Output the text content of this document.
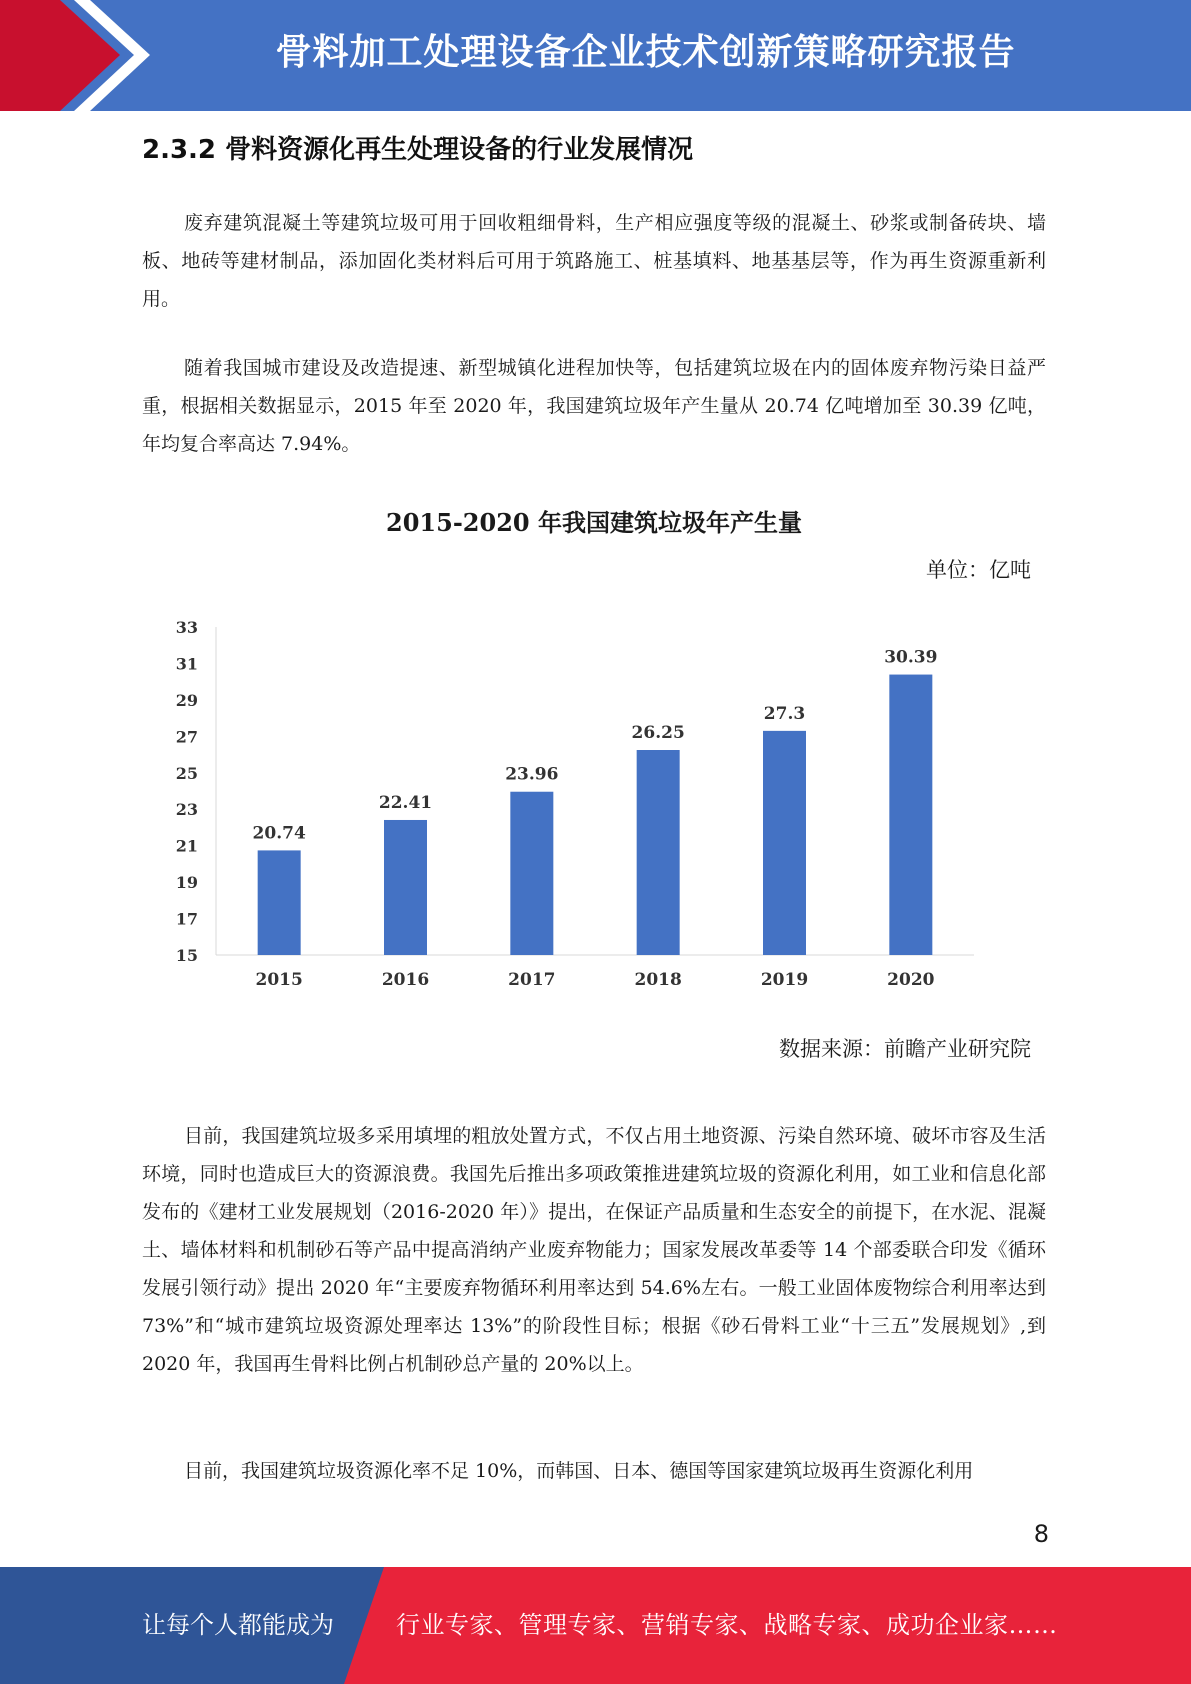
骨料加工处理设备企业技术创新策略研究报告
2.3.2 骨料资源化再生处理设备的行业发展情况

废弃建筑混凝土等建筑垃圾可用于回收粗细骨料，生产相应强度等级的混凝土、砂浆或制备砖块、墙板、地砖等建材制品，添加固化类材料后可用于筑路施工、桩基填料、地基基层等，作为再生资源重新利用。

随着我国城市建设及改造提速、新型城镇化进程加快等，包括建筑垃圾在内的固体废弃物污染日益严重，根据相关数据显示，2015 年至 2020 年，我国建筑垃圾年产生量从 20.74 亿吨增加至 30.39 亿吨，年均复合率高达 7.94%。

2015-2020 年我国建筑垃圾年产生量
单位：亿吨
15
17
19
21
23
25
27
29
31
33
20.74
2015
22.41
2016
23.96
2017
26.25
2018
27.3
2019
30.39
2020
数据来源：前瞻产业研究院

目前，我国建筑垃圾多采用填埋的粗放处置方式，不仅占用土地资源、污染自然环境、破坏市容及生活环境，同时也造成巨大的资源浪费。我国先后推出多项政策推进建筑垃圾的资源化利用，如工业和信息化部发布的《建材工业发展规划（2016-2020 年）》提出，在保证产品质量和生态安全的前提下，在水泥、混凝土、墙体材料和机制砂石等产品中提高消纳产业废弃物能力；国家发展改革委等 14 个部委联合印发《循环发展引领行动》提出 2020 年“主要废弃物循环利用率达到 54.6%左右。一般工业固体废物综合利用率达到 73%”和“城市建筑垃圾资源处理率达 13%”的阶段性目标；根据《砂石骨料工业“十三五”发展规划》,到 2020 年，我国再生骨料比例占机制砂总产量的 20%以上。

目前，我国建筑垃圾资源化率不足 10%，而韩国、日本、德国等国家建筑垃圾再生资源化利用

8
让每个人都能成为	行业专家、管理专家、营销专家、战略专家、成功企业家……
